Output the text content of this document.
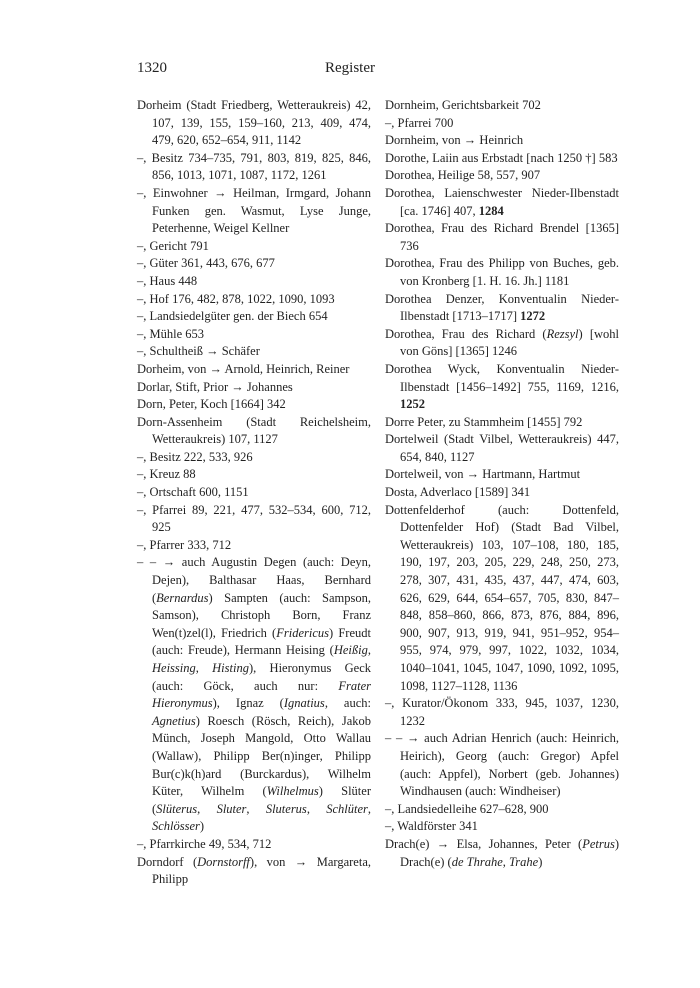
1320	Register

Dorheim (Stadt Friedberg, Wetteraukreis) 42, 107, 139, 155, 159–160, 213, 409, 474, 479, 620, 652–654, 911, 1142

–, Besitz 734–735, 791, 803, 819, 825, 846, 856, 1013, 1071, 1087, 1172, 1261

–, Einwohner → Heilman, Irmgard, Johann Funken gen. Wasmut, Lyse Junge, Peterhenne, Weigel Kellner

–, Gericht 791

–, Güter 361, 443, 676, 677

–, Haus 448

–, Hof 176, 482, 878, 1022, 1090, 1093

–, Landsiedelgüter gen. der Biech 654

–, Mühle 653

–, Schultheiß → Schäfer

Dorheim, von → Arnold, Heinrich, Reiner

Dorlar, Stift, Prior → Johannes

Dorn, Peter, Koch [1664] 342

Dorn-Assenheim (Stadt Reichelsheim, Wetteraukreis) 107, 1127

–, Besitz 222, 533, 926

–, Kreuz 88

–, Ortschaft 600, 1151

–, Pfarrei 89, 221, 477, 532–534, 600, 712, 925

–, Pfarrer 333, 712

– – → auch Augustin Degen (auch: Deyn, Dejen), Balthasar Haas, Bernhard (Bernardus) Sampten (auch: Sampson, Samson), Christoph Born, Franz Wen(t)zel(l), Friedrich (Fridericus) Freudt (auch: Freude), Hermann Heising (Heißig, Heissing, Histing), Hieronymus Geck (auch: Göck, auch nur: Frater Hieronymus), Ignaz (Ignatius, auch: Agnetius) Roesch (Rösch, Reich), Jakob Münch, Joseph Mangold, Otto Wallau (Wallaw), Philipp Ber(n)inger, Philipp Bur(c)k(h)ard (Burckardus), Wilhelm Küter, Wilhelm (Wilhelmus) Slüter (Slüterus, Sluter, Sluterus, Schlüter, Schlösser)

–, Pfarrkirche 49, 534, 712

Dorndorf (Dornstorff), von → Margareta, Philipp

Dornheim, Gerichtsbarkeit 702

–, Pfarrei 700

Dornheim, von → Heinrich

Dorothe, Laiin aus Erbstadt [nach 1250 †] 583

Dorothea, Heilige 58, 557, 907

Dorothea, Laienschwester Nieder-Ilbenstadt [ca. 1746] 407, 1284

Dorothea, Frau des Richard Brendel [1365] 736

Dorothea, Frau des Philipp von Buches, geb. von Kronberg [1. H. 16. Jh.] 1181

Dorothea Denzer, Konventualin Nieder-Ilbenstadt [1713–1717] 1272

Dorothea, Frau des Richard (Rezsyl) [wohl von Göns] [1365] 1246

Dorothea Wyck, Konventualin Nieder-Ilbenstadt [1456–1492] 755, 1169, 1216, 1252

Dorre Peter, zu Stammheim [1455] 792

Dortelweil (Stadt Vilbel, Wetteraukreis) 447, 654, 840, 1127

Dortelweil, von → Hartmann, Hartmut

Dosta, Adverlaco [1589] 341

Dottenfelderhof (auch: Dottenfeld, Dottenfelder Hof) (Stadt Bad Vilbel, Wetteraukreis) 103, 107–108, 180, 185, 190, 197, 203, 205, 229, 248, 250, 273, 278, 307, 431, 435, 437, 447, 474, 603, 626, 629, 644, 654–657, 705, 830, 847–848, 858–860, 866, 873, 876, 884, 896, 900, 907, 913, 919, 941, 951–952, 954–955, 974, 979, 997, 1022, 1032, 1034, 1040–1041, 1045, 1047, 1090, 1092, 1095, 1098, 1127–1128, 1136

–, Kurator/Ökonom 333, 945, 1037, 1230, 1232

– – → auch Adrian Henrich (auch: Heinrich, Heirich), Georg (auch: Gregor) Apfel (auch: Appfel), Norbert (geb. Johannes) Windhausen (auch: Windheiser)

–, Landsiedelleihe 627–628, 900

–, Waldförster 341

Drach(e) → Elsa, Johannes, Peter (Petrus) Drach(e) (de Thrahe, Trahe)
